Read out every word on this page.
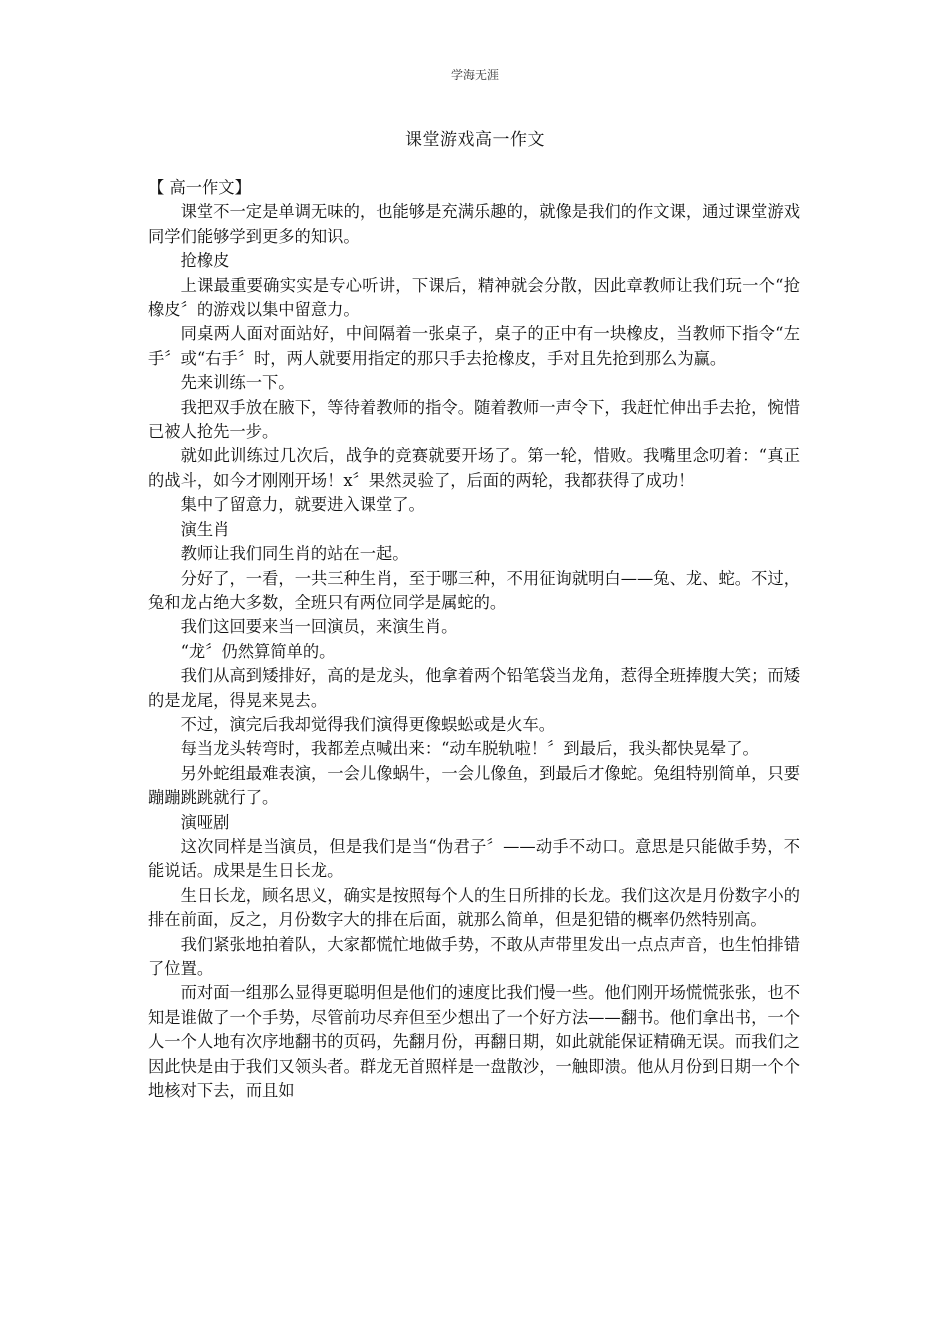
学海无涯
课堂游戏高一作文

【 高一作文】

课堂不一定是单调无味的，也能够是充满乐趣的，就像是我们的作文课，通过课堂游戏同学们能够学到更多的知识。

抢橡皮

上课最重要确实实是专心听讲，下课后，精神就会分散，因此章教师让我们玩一个“抢橡皮〞的游戏以集中留意力。

同桌两人面对面站好，中间隔着一张桌子，桌子的正中有一块橡皮，当教师下指令“左手〞或“右手〞时，两人就要用指定的那只手去抢橡皮，手对且先抢到那么为赢。

先来训练一下。

我把双手放在腋下，等待着教师的指令。随着教师一声令下，我赶忙伸出手去抢，惋惜已被人抢先一步。

就如此训练过几次后，战争的竞赛就要开场了。第一轮，惜败。我嘴里念叨着：“真正的战斗，如今才刚刚开场！x〞果然灵验了，后面的两轮，我都获得了成功！

集中了留意力，就要进入课堂了。

演生肖

教师让我们同生肖的站在一起。

分好了，一看，一共三种生肖，至于哪三种，不用征询就明白——兔、龙、蛇。不过，兔和龙占绝大多数，全班只有两位同学是属蛇的。

我们这回要来当一回演员，来演生肖。

“龙〞仍然算简单的。

我们从高到矮排好，高的是龙头，他拿着两个铅笔袋当龙角，惹得全班捧腹大笑；而矮的是龙尾，得晃来晃去。

不过，演完后我却觉得我们演得更像蜈蚣或是火车。

每当龙头转弯时，我都差点喊出来：“动车脱轨啦！〞到最后，我头都快晃晕了。

另外蛇组最难表演，一会儿像蜗牛，一会儿像鱼，到最后才像蛇。兔组特别简单，只要蹦蹦跳跳就行了。

演哑剧

这次同样是当演员，但是我们是当“伪君子〞——动手不动口。意思是只能做手势，不能说话。成果是生日长龙。

生日长龙，顾名思义，确实是按照每个人的生日所排的长龙。我们这次是月份数字小的排在前面，反之，月份数字大的排在后面，就那么简单，但是犯错的概率仍然特别高。

我们紧张地拍着队，大家都慌忙地做手势，不敢从声带里发出一点点声音，也生怕排错了位置。

而对面一组那么显得更聪明但是他们的速度比我们慢一些。他们刚开场慌慌张张，也不知是谁做了一个手势，尽管前功尽弃但至少想出了一个好方法——翻书。他们拿出书，一个人一个人地有次序地翻书的页码，先翻月份，再翻日期，如此就能保证精确无误。而我们之因此快是由于我们又领头者。群龙无首照样是一盘散沙，一触即溃。他从月份到日期一个个地核对下去，而且如
